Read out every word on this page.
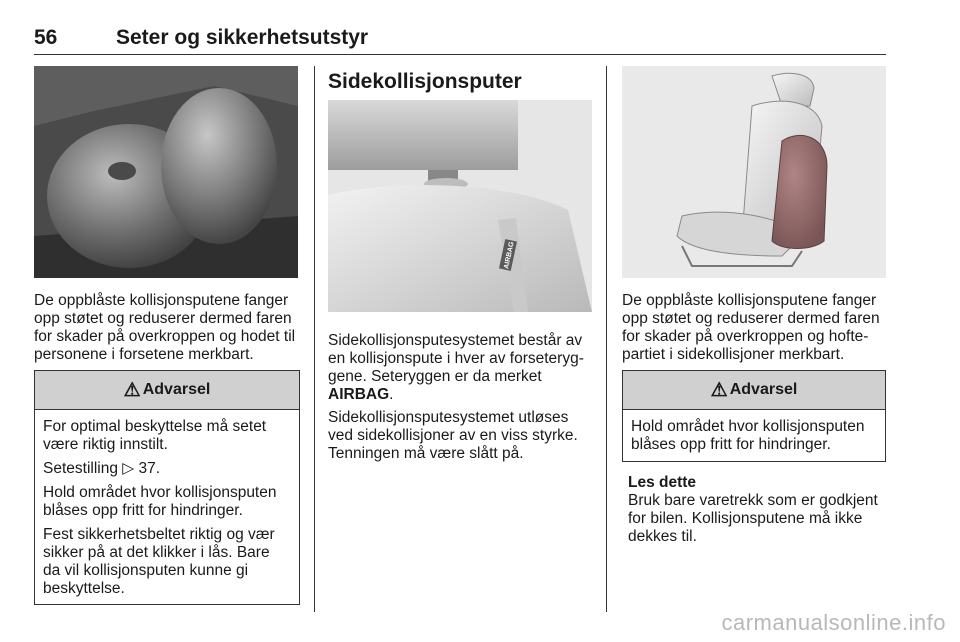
56	Seter og sikkerhetsutstyr

De oppblåste kollisjonsputene fanger opp støtet og reduserer dermed faren for skader på overkroppen og hodet til personene i forsetene merkbart.

⚠ Advarsel

For optimal beskyttelse må setet være riktig innstilt.

Setestilling ▷ 37.

Hold området hvor kollisjonsputen blåses opp fritt for hindringer.

Fest sikkerhetsbeltet riktig og vær sikker på at det klikker i lås. Bare da vil kollisjonsputen kunne gi beskyttelse.

Sidekollisjonsputer
AIRBAG

Sidekollisjonsputesystemet består av en kollisjonspute i hver av forseteryg-gene. Seteryggen er da merket
AIRBAG.

Sidekollisjonsputesystemet utløses ved sidekollisjoner av en viss styrke. Tenningen må være slått på.

De oppblåste kollisjonsputene fanger opp støtet og reduserer dermed faren for skader på overkroppen og hofte-partiet i sidekollisjoner merkbart.

⚠ Advarsel

Hold området hvor kollisjonsputen blåses opp fritt for hindringer.

Les dette
Bruk bare varetrekk som er godkjent for bilen. Kollisjonsputene må ikke dekkes til.
carmanualsonline.info
